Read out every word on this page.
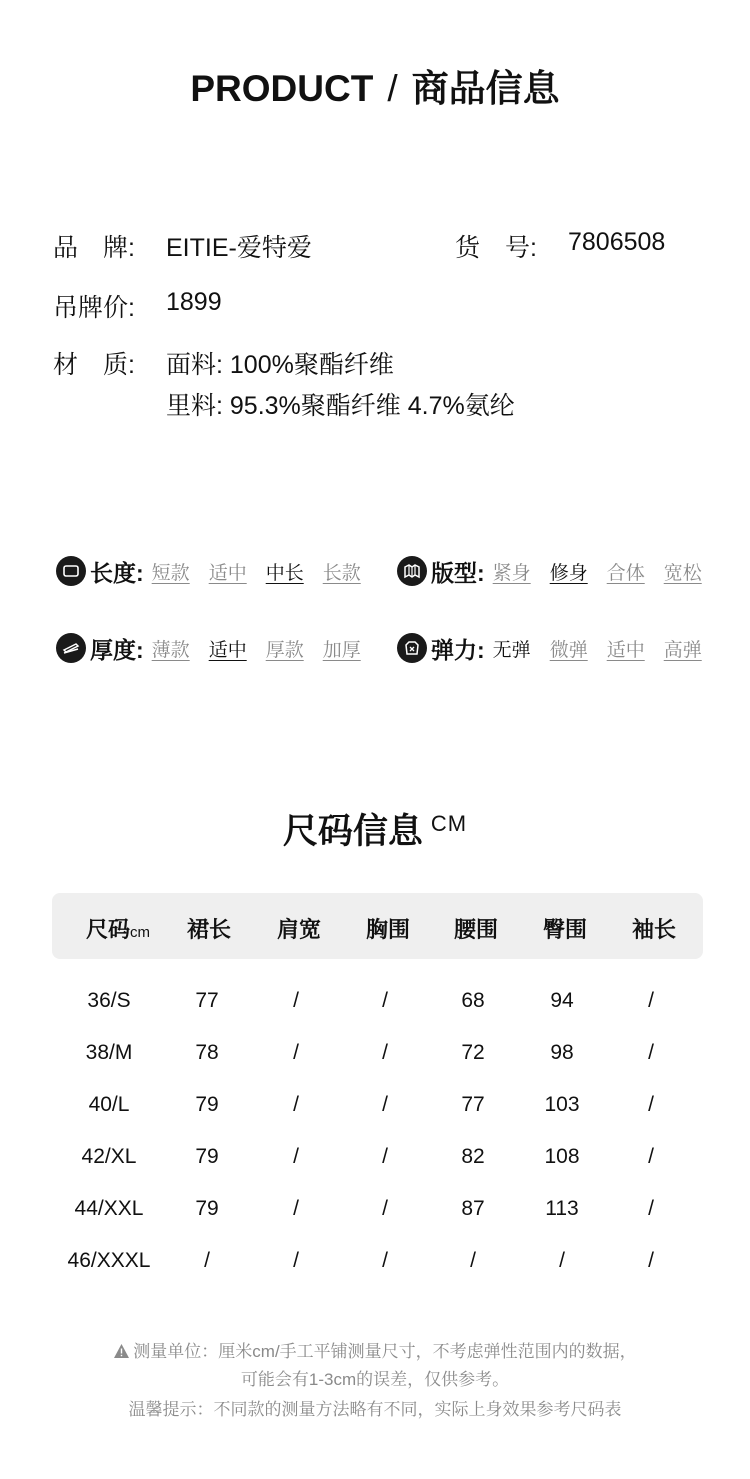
PRODUCT / 商品信息
品　牌: EITIE-爱特爱	货　号: 7806508
吊牌价: 1899
材　质: 面料: 100%聚酯纤维
里料: 95.3%聚酯纤维 4.7%氨纶
长度: 短款 适中 中长 长款	版型: 紧身 修身 合体 宽松
厚度: 薄款 适中 厚款 加厚	弹力: 无弹 微弹 适中 高弹
尺码信息 $^{CM}$
尺码cm	裙长	肩宽	胸围	腰围	臀围	袖长
36/S	77	/	/	68	94	/
38/M	78	/	/	72	98	/
40/L	79	/	/	77	103	/
42/XL	79	/	/	82	108	/
44/XXL	79	/	/	87	113	/
46/XXXL	/	/	/	/	/	/
测量单位：厘米cm/手工平铺测量尺寸，不考虑弹性范围内的数据，
可能会有1-3cm的误差，仅供参考。
温馨提示：不同款的测量方法略有不同，实际上身效果参考尺码表
